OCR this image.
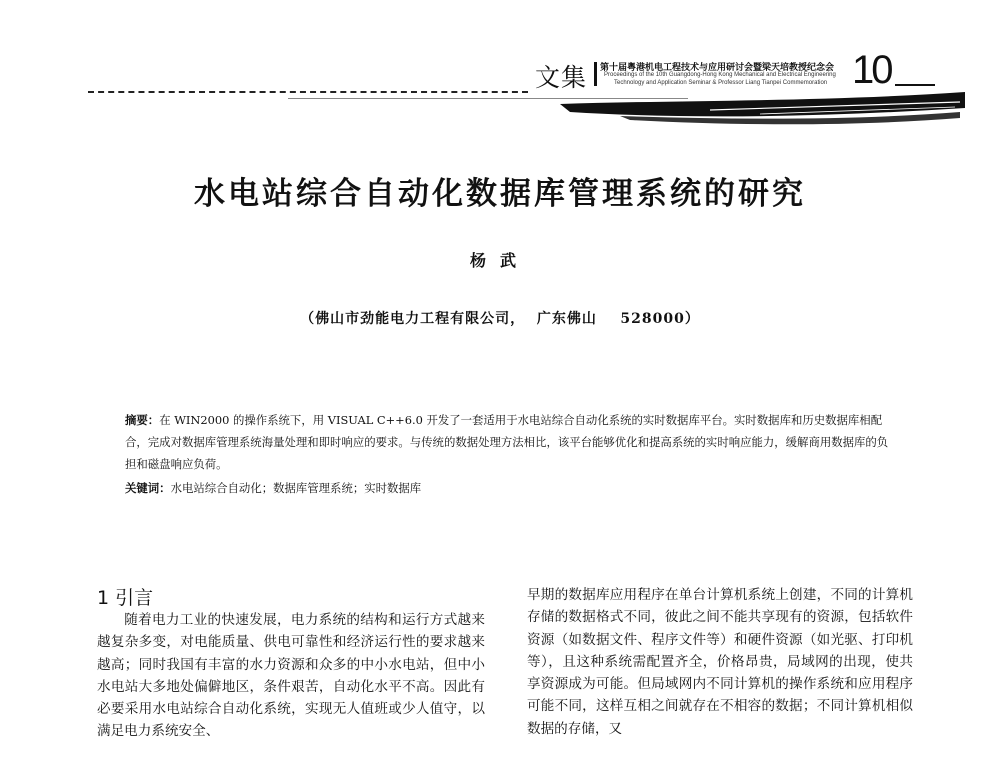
文集 第十届粤港机电工程技术与应用研讨会暨梁天培教授纪念会
Proceedings of the 10th Guangdong-Hong Kong Mechanical and Electrical Engineering
Technology and Application Seminar & Professor Liang Tianpei Commemoration 10
水电站综合自动化数据库管理系统的研究
杨武
（佛山市劲能电力工程有限公司，  广东佛山    528000）
摘要：在 WIN2000 的操作系统下，用 VISUAL C++6.0 开发了一套适用于水电站综合自动化系统的实时数据库平台。实时数据库和历史数据库相配合，完成对数据库管理系统海量处理和即时响应的要求。与传统的数据处理方法相比，该平台能够优化和提高系统的实时响应能力，缓解商用数据库的负担和磁盘响应负荷。
关键词：水电站综合自动化；数据库管理系统；实时数据库
1 引言

随着电力工业的快速发展，电力系统的结构和运行方式越来越复杂多变，对电能质量、供电可靠性和经济运行性的要求越来越高；同时我国有丰富的水力资源和众多的中小水电站，但中小水电站大多地处偏僻地区，条件艰苦，自动化水平不高。因此有必要采用水电站综合自动化系统，实现无人值班或少人值守，以满足电力系统安全、

早期的数据库应用程序在单台计算机系统上创建，不同的计算机存储的数据格式不同，彼此之间不能共享现有的资源，包括软件资源（如数据文件、程序文件等）和硬件资源（如光驱、打印机等），且这种系统需配置齐全，价格昂贵，局域网的出现，使共享资源成为可能。但局域网内不同计算机的操作系统和应用程序可能不同，这样互相之间就存在不相容的数据；不同计算机相似数据的存储，又
